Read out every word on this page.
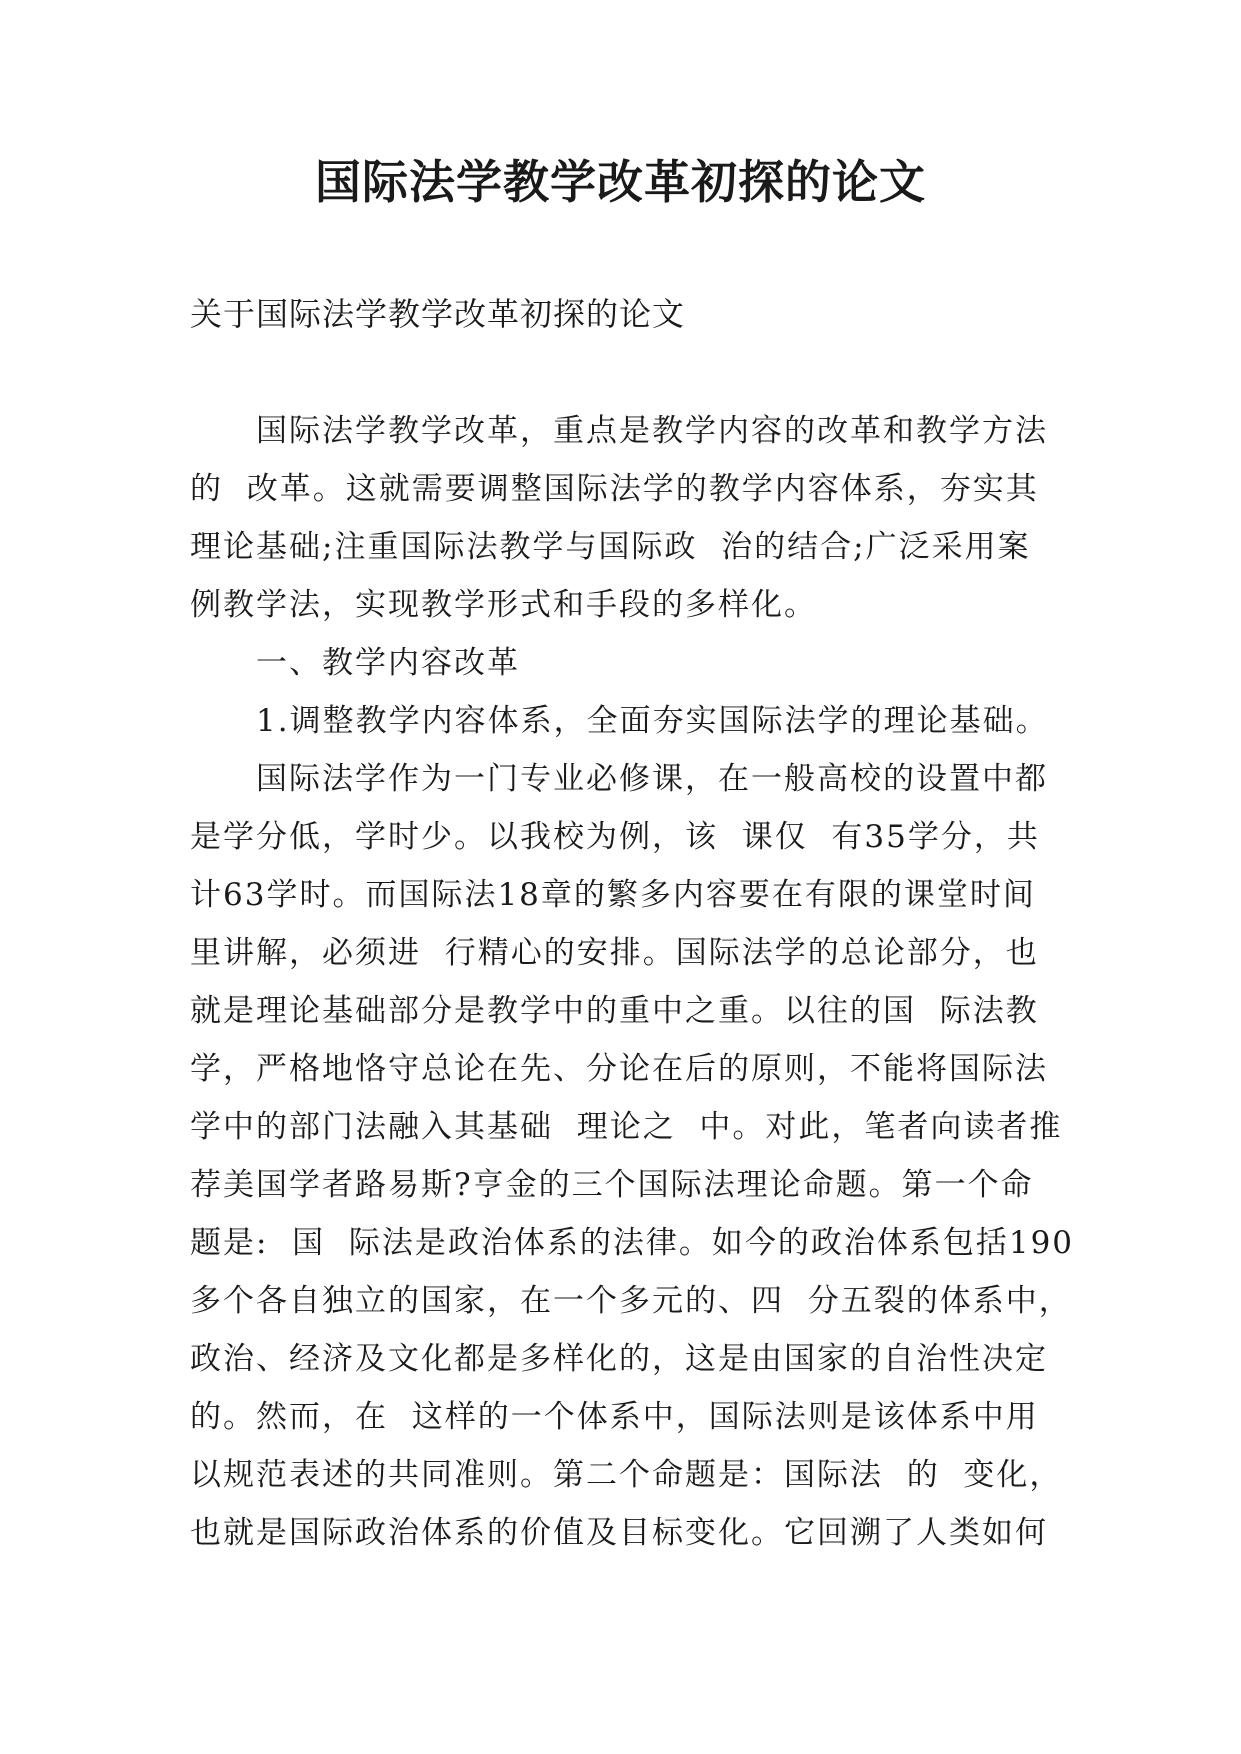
国际法学教学改革初探的论文

关于国际法学教学改革初探的论文

国际法学教学改革，重点是教学内容的改革和教学方法
的  改革。这就需要调整国际法学的教学内容体系，夯实其
理论基础;注重国际法教学与国际政  治的结合;广泛采用案
例教学法，实现教学形式和手段的多样化。
一、教学内容改革
1.调整教学内容体系，全面夯实国际法学的理论基础。
国际法学作为一门专业必修课，在一般高校的设置中都
是学分低，学时少。以我校为例，该  课仅  有35学分，共
计63学时。而国际法18章的繁多内容要在有限的课堂时间
里讲解，必须进  行精心的安排。国际法学的总论部分，也
就是理论基础部分是教学中的重中之重。以往的国  际法教
学，严格地恪守总论在先、分论在后的原则，不能将国际法
学中的部门法融入其基础  理论之  中。对此，笔者向读者推
荐美国学者路易斯?亨金的三个国际法理论命题。第一个命
题是:  国  际法是政治体系的法律。如今的政治体系包括190
多个各自独立的国家，在一个多元的、四  分五裂的体系中，
政治、经济及文化都是多样化的，这是由国家的自治性决定
的。然而，在  这样的一个体系中，国际法则是该体系中用
以规范表述的共同准则。第二个命题是：国际法  的  变化，
也就是国际政治体系的价值及目标变化。它回溯了人类如何
